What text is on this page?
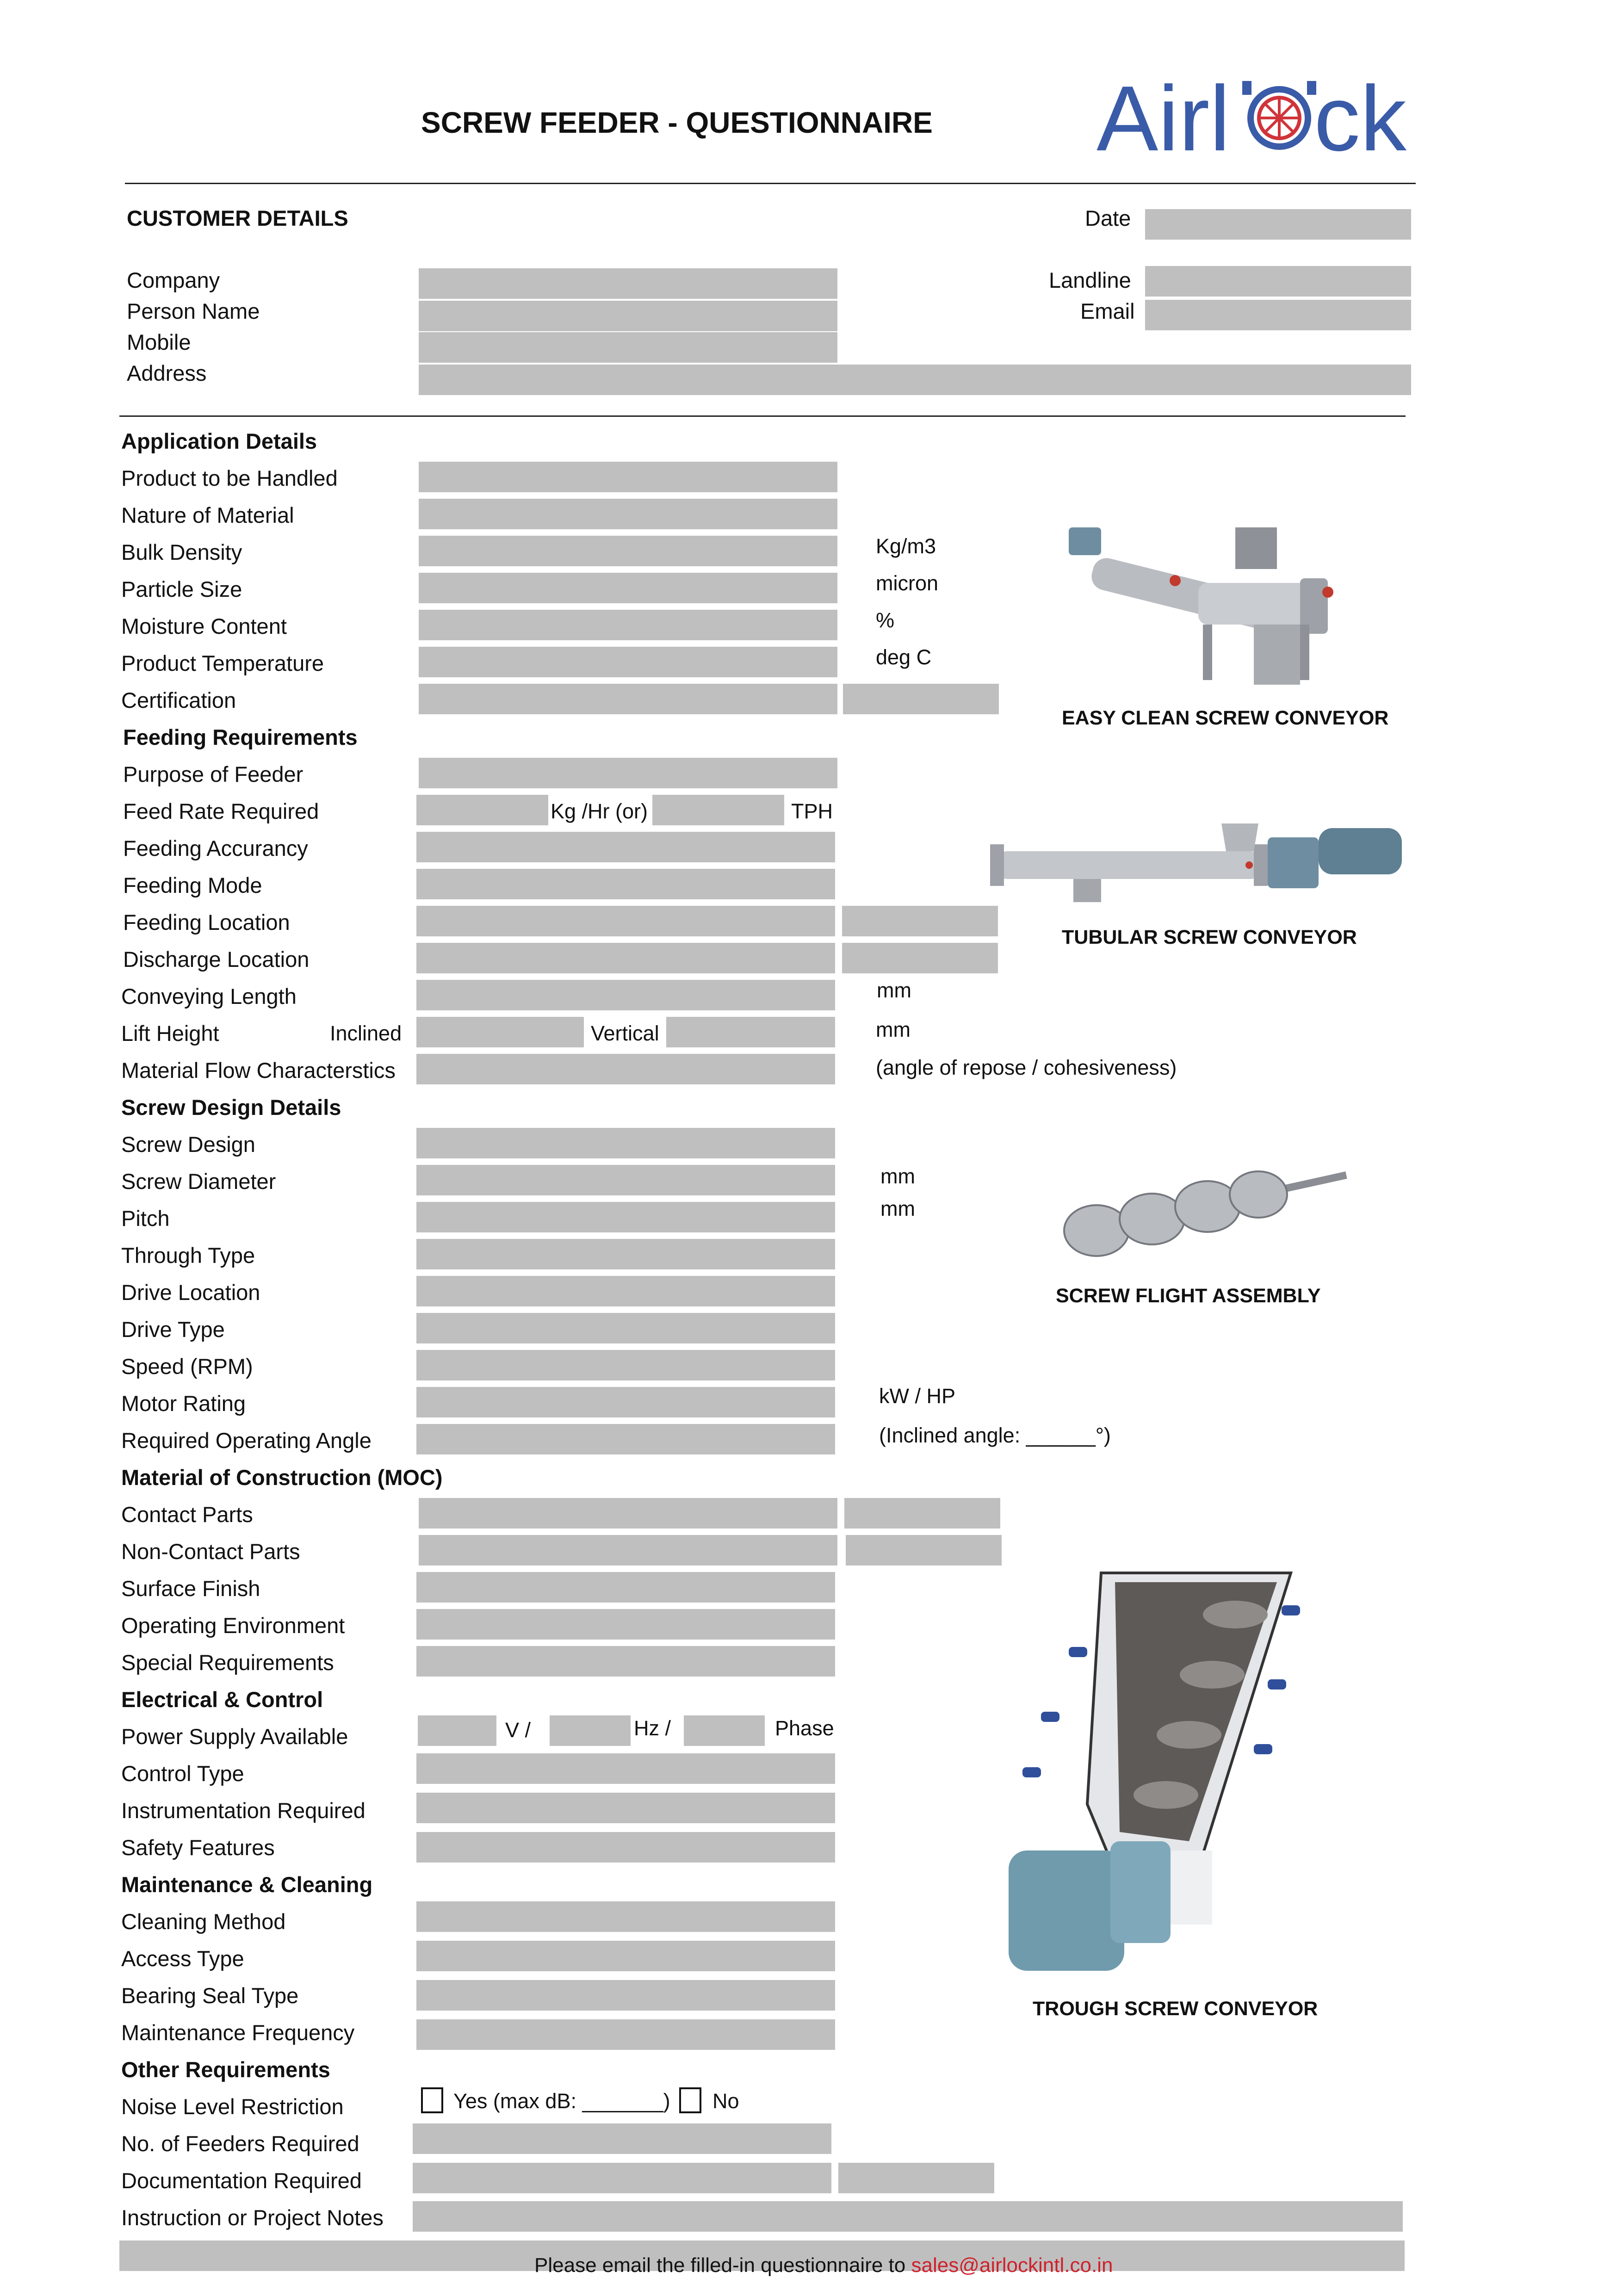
SCREW FEEDER - QUESTIONNAIRE Airl ck
CUSTOMER DETAILS	Date
Company
Person Name
Mobile
Address
Landline
Email
Application Details
Product to be Handled
Nature of Material
Bulk Density	Kg/m3
Particle Size	micron
Moisture Content	%
Product Temperature	deg C
Certification
Feeding Requirements
Purpose of Feeder
Feed Rate Required	Kg /Hr (or)	TPH
Feeding Accurancy
Feeding Mode
Feeding Location
Discharge Location
Conveying Length	mm
Lift Height	Inclined	Vertical	mm
Material Flow Characterstics	(angle of repose / cohesiveness)
Screw Design Details
Screw Design
Screw Diameter	mm
Pitch	mm
Through Type
Drive Location
Drive Type
Speed (RPM)
Motor Rating	kW / HP
Required Operating Angle	(Inclined angle: ______°)
Material of Construction (MOC)
Contact Parts
Non-Contact Parts
Surface Finish
Operating Environment
Special Requirements
Electrical & Control
Power Supply Available	V /	Hz /	Phase
Control Type
Instrumentation Required
Safety Features
Maintenance & Cleaning
Cleaning Method
Access Type
Bearing Seal Type
Maintenance Frequency
Other Requirements
Noise Level Restriction	Yes (max dB: _______) No
No. of Feeders Required
Documentation Required
Instruction or Project Notes
Please email the filled-in questionnaire to sales@airlockintl.co.in
EASY CLEAN SCREW CONVEYOR
TUBULAR SCREW CONVEYOR
SCREW FLIGHT ASSEMBLY
TROUGH SCREW CONVEYOR
